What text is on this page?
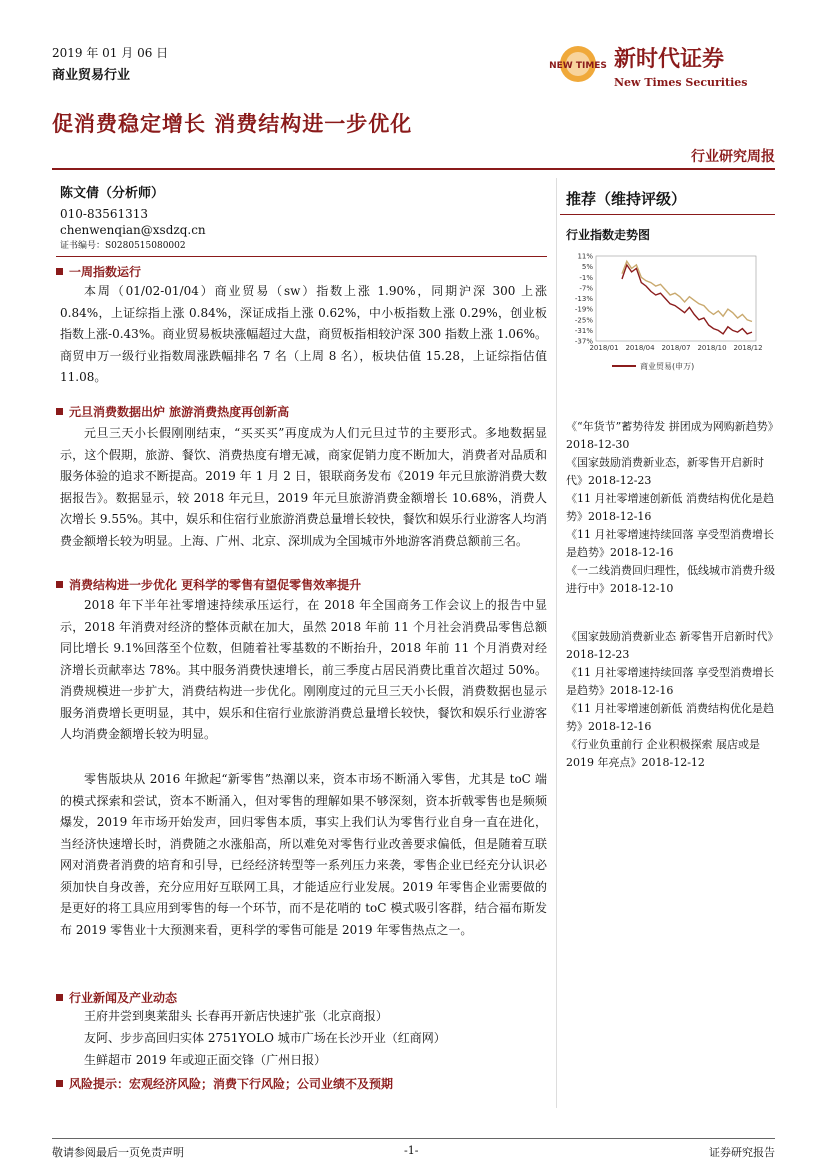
2019 年 01 月 06 日
商业贸易行业
NEW TIMES 新时代证券
New Times Securities
促消费稳定增长 消费结构进一步优化
行业研究周报
陈文倩（分析师）
010-83561313
chenwenqian@xsdzq.cn
证书编号：S0280515080002
一周指数运行
本周（01/02-01/04）商业贸易（sw）指数上涨 1.90%，同期沪深 300 上涨 0.84%，上证综指上涨 0.84%，深证成指上涨 0.62%，中小板指数上涨 0.29%，创业板指数上涨-0.43%。商业贸易板块涨幅超过大盘，商贸板指相较沪深 300 指数上涨 1.06%。商贸申万一级行业指数周涨跌幅排名 7 名（上周 8 名），板块估值 15.28，上证综指估值 11.08。
元旦消费数据出炉 旅游消费热度再创新高
元旦三天小长假刚刚结束，“买买买”再度成为人们元旦过节的主要形式。多地数据显示，这个假期，旅游、餐饮、消费热度有增无减，商家促销力度不断加大，消费者对品质和服务体验的追求不断提高。2019 年 1 月 2 日，银联商务发布《2019 年元旦旅游消费大数据报告》。数据显示，较 2018 年元旦，2019 年元旦旅游消费金额增长 10.68%，消费人次增长 9.55%。其中，娱乐和住宿行业旅游消费总量增长较快，餐饮和娱乐行业游客人均消费金额增长较为明显。上海、广州、北京、深圳成为全国城市外地游客消费总额前三名。
消费结构进一步优化 更科学的零售有望促零售效率提升
2018 年下半年社零增速持续承压运行，在 2018 年全国商务工作会议上的报告中显示，2018 年消费对经济的整体贡献在加大，虽然 2018 年前 11 个月社会消费品零售总额同比增长 9.1%回落至个位数，但随着社零基数的不断抬升，2018 年前 11 个月消费对经济增长贡献率达 78%。其中服务消费快速增长，前三季度占居民消费比重首次超过 50%。消费规模进一步扩大，消费结构进一步优化。刚刚度过的元旦三天小长假，消费数据也显示服务消费增长更明显，其中，娱乐和住宿行业旅游消费总量增长较快，餐饮和娱乐行业游客人均消费金额增长较为明显。
零售版块从 2016 年掀起“新零售”热潮以来，资本市场不断涌入零售，尤其是 toC 端的模式探索和尝试，资本不断涌入，但对零售的理解如果不够深刻，资本折戟零售也是频频爆发，2019 年市场开始发声，回归零售本质，事实上我们认为零售行业自身一直在进化，当经济快速增长时，消费随之水涨船高，所以难免对零售行业改善要求偏低，但是随着互联网对消费者消费的培育和引导，已经经济转型等一系列压力来袭，零售企业已经充分认识必须加快自身改善，充分应用好互联网工具，才能适应行业发展。2019 年零售企业需要做的是更好的将工具应用到零售的每一个环节，而不是花哨的 toC 模式吸引客群，结合福布斯发布 2019 零售业十大预测来看，更科学的零售可能是 2019 年零售热点之一。
行业新闻及产业动态
王府井尝到奥莱甜头 长春再开新店快速扩张（北京商报）
友阿、步步高回归实体 2751YOLO 城市广场在长沙开业（红商网）
生鲜超市 2019 年或迎正面交锋（广州日报）
风险提示：宏观经济风险；消费下行风险；公司业绩不及预期
推荐（维持评级）
行业指数走势图
11%
5%
-1%
-7%
-13%
-19%
-25%
-31%
-37%
2018/01 2018/04 2018/07 2018/10 2018/12
商业贸易(申万)
《“年货节”蓄势待发 拼团成为网购新趋势》2018-12-30
《国家鼓励消费新业态，新零售开启新时代》2018-12-23
《11 月社零增速创新低 消费结构优化是趋势》2018-12-16
《11 月社零增速持续回落 享受型消费增长是趋势》2018-12-16
《一二线消费回归理性，低线城市消费升级进行中》2018-12-10
《国家鼓励消费新业态 新零售开启新时代》2018-12-23
《11 月社零增速持续回落 享受型消费增长是趋势》2018-12-16
《11 月社零增速创新低 消费结构优化是趋势》2018-12-16
《行业负重前行 企业积极探索 展店或是 2019 年亮点》2018-12-12
敬请参阅最后一页免责声明	-1-	证券研究报告
